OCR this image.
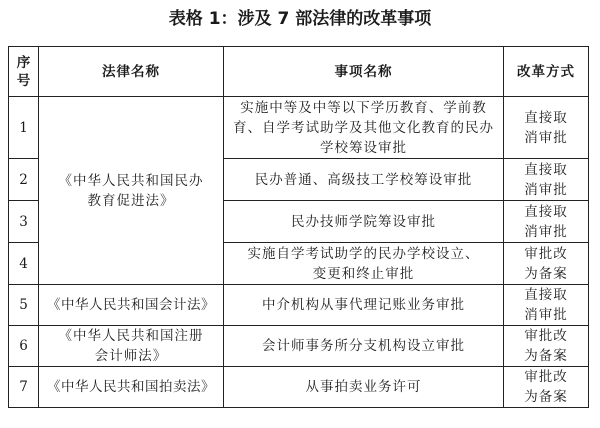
表格 1：涉及 7 部法律的改革事项
序号	法律名称	事项名称	改革方式
1	《中华人民共和国民办教育促进法》	实施中等及中等以下学历教育、学前教育、自学考试助学及其他文化教育的民办学校筹设审批	直接取消审批
2		民办普通、高级技工学校筹设审批	直接取消审批
3		民办技师学院筹设审批	直接取消审批
4		实施自学考试助学的民办学校设立、变更和终止审批	审批改为备案
5	《中华人民共和国会计法》	中介机构从事代理记账业务审批	直接取消审批
6	《中华人民共和国注册会计师法》	会计师事务所分支机构设立审批	审批改为备案
7	《中华人民共和国拍卖法》	从事拍卖业务许可	审批改为备案
